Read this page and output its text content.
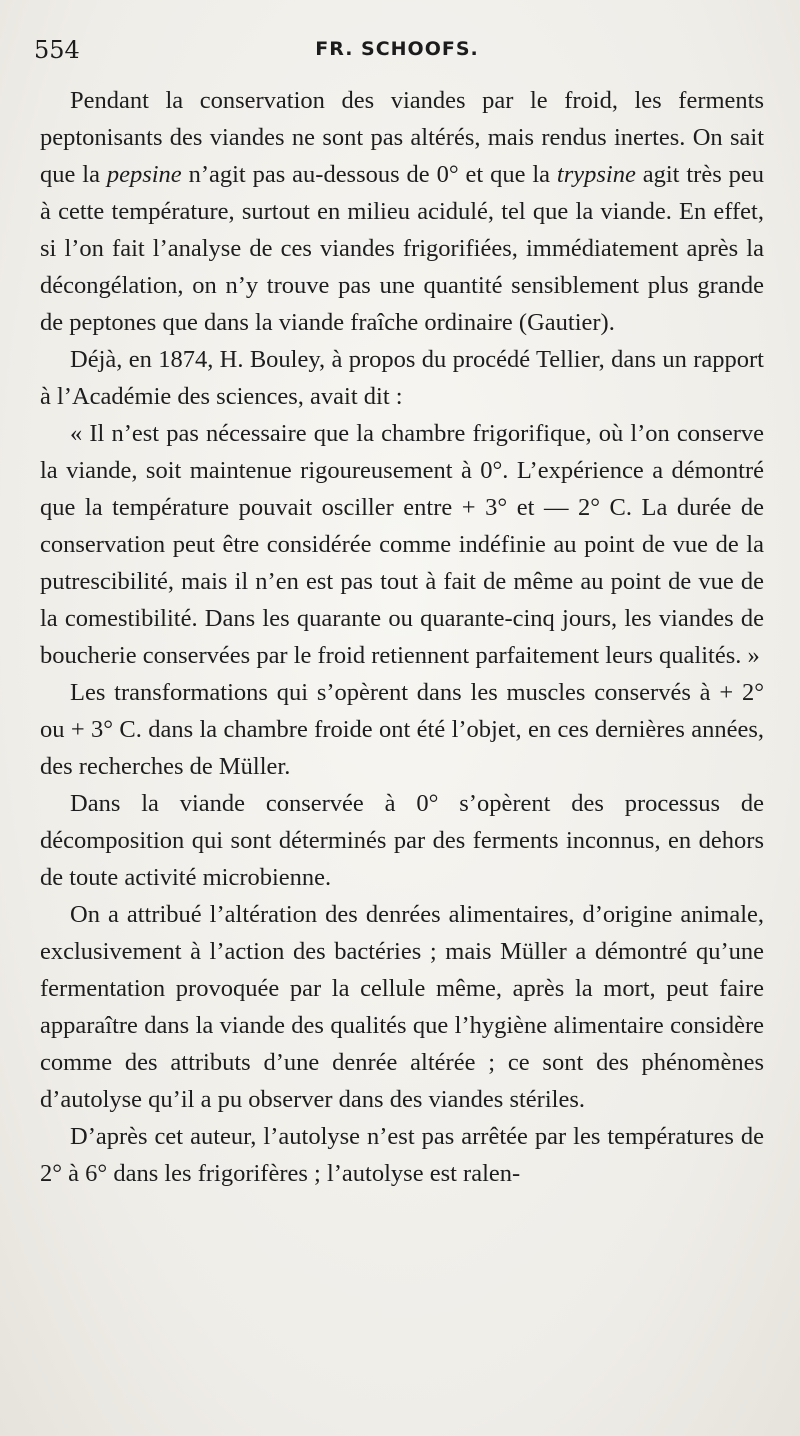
554	FR. SCHOOFS.

Pendant la conservation des viandes par le froid, les ferments peptonisants des viandes ne sont pas altérés, mais rendus inertes. On sait que la pepsine n’agit pas au-dessous de 0° et que la trypsine agit très peu à cette température, surtout en milieu acidulé, tel que la viande. En effet, si l’on fait l’analyse de ces viandes frigorifiées, immédiatement après la décongélation, on n’y trouve pas une quantité sensiblement plus grande de peptones que dans la viande fraîche ordinaire (Gautier).

Déjà, en 1874, H. Bouley, à propos du procédé Tellier, dans un rapport à l’Académie des sciences, avait dit :

« Il n’est pas nécessaire que la chambre frigorifique, où l’on conserve la viande, soit maintenue rigoureusement à 0°. L’expérience a démontré que la température pouvait osciller entre + 3° et — 2° C. La durée de conservation peut être considérée comme indéfinie au point de vue de la putrescibilité, mais il n’en est pas tout à fait de même au point de vue de la comestibilité. Dans les quarante ou quarante-cinq jours, les viandes de boucherie conservées par le froid retiennent parfaitement leurs qualités. »

Les transformations qui s’opèrent dans les muscles conservés à + 2° ou + 3° C. dans la chambre froide ont été l’objet, en ces dernières années, des recherches de Müller.

Dans la viande conservée à 0° s’opèrent des processus de décomposition qui sont déterminés par des ferments inconnus, en dehors de toute activité microbienne.

On a attribué l’altération des denrées alimentaires, d’origine animale, exclusivement à l’action des bactéries ; mais Müller a démontré qu’une fermentation provoquée par la cellule même, après la mort, peut faire apparaître dans la viande des qualités que l’hygiène alimentaire considère comme des attributs d’une denrée altérée ; ce sont des phénomènes d’autolyse qu’il a pu observer dans des viandes stériles.

D’après cet auteur, l’autolyse n’est pas arrêtée par les températures de 2° à 6° dans les frigorifères ; l’autolyse est ralen-
